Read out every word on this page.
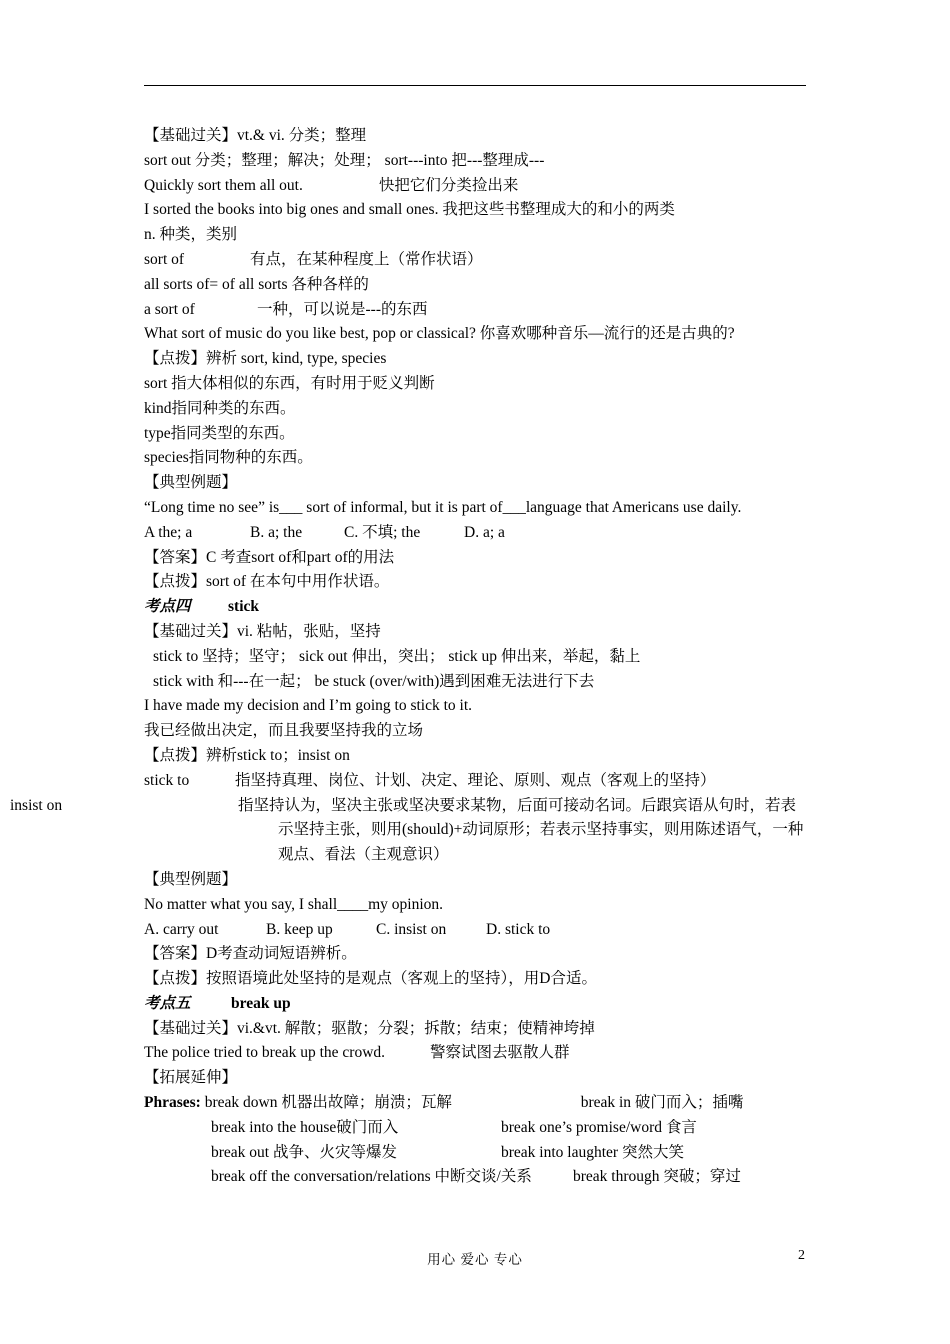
【基础过关】vt.& vi. 分类；整理
sort out 分类；整理；解决；处理； sort---into 把---整理成---
Quickly sort them all out.	快把它们分类捡出来
I sorted the books into big ones and small ones. 我把这些书整理成大的和小的两类
n. 种类，类别
sort of	有点，在某种程度上（常作状语）
all sorts of= of all sorts 各种各样的
a sort of	一种，可以说是---的东西
What sort of music do you like best, pop or classical? 你喜欢哪种音乐—流行的还是古典的?
【点拨】辨析 sort, kind, type, species
sort 指大体相似的东西，有时用于贬义判断
kind指同种类的东西。
type指同类型的东西。
species指同物种的东西。
【典型例题】
“Long time no see” is___ sort of informal, but it is part of___language that Americans use daily.
A the; a	B. a; the	C. 不填; the	D. a; a
【答案】C 考查sort of和part of的用法
【点拨】sort of 在本句中用作状语。
考点四 stick
【基础过关】vi. 粘帖，张贴，坚持
stick to 坚持；坚守； sick out 伸出，突出； stick up 伸出来，举起，黏上
stick with 和---在一起； be stuck (over/with)遇到困难无法进行下去
I have made my decision and I’m going to stick to it.
我已经做出决定，而且我要坚持我的立场
【点拨】辨析stick to；insist on
stick to	指坚持真理、岗位、计划、决定、理论、原则、观点（客观上的坚持）
insist on	指坚持认为，坚决主张或坚决要求某物，后面可接动名词。后跟宾语从句时，若表示坚持主张，则用(should)+动词原形；若表示坚持事实，则用陈述语气，一种观点、看法（主观意识）
【典型例题】
No matter what you say, I shall____my opinion.
A. carry out	B. keep up	C. insist on	D. stick to
【答案】D考查动词短语辨析。
【点拨】按照语境此处坚持的是观点（客观上的坚持），用D合适。
考点五	break up
【基础过关】vi.&vt. 解散；驱散；分裂；拆散；结束；使精神垮掉
The police tried to break up the crowd.	警察试图去驱散人群
【拓展延伸】
Phrases: break down 机器出故障；崩溃；瓦解	break in 破门而入；插嘴
break into the house破门而入	break one’s promise/word 食言
break out 战争、火灾等爆发	break into laughter 突然大笑
break off the conversation/relations 中断交谈/关系	break through 突破；穿过
用心 爱心 专心	2
